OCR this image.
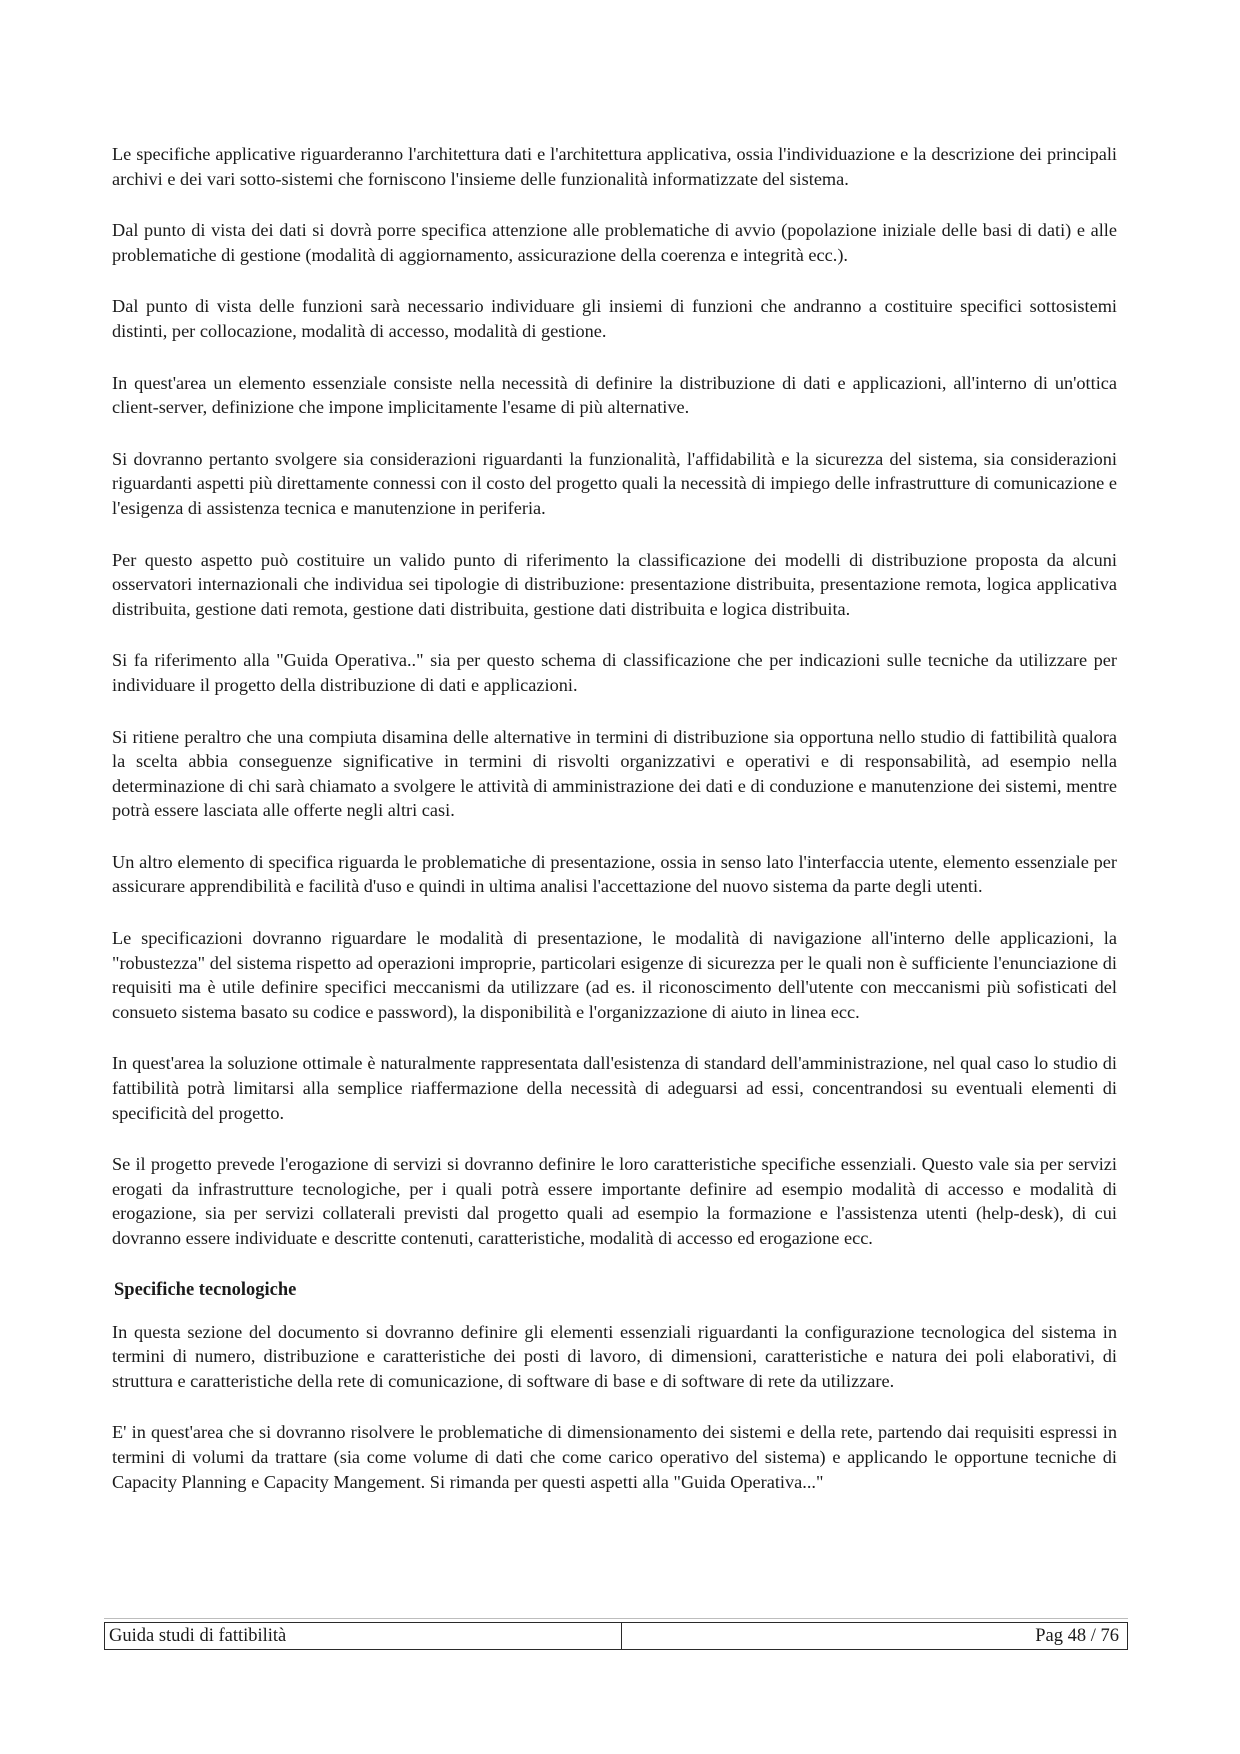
Le specifiche applicative riguarderanno l'architettura dati e l'architettura applicativa, ossia l'individuazione e la descrizione dei principali archivi e dei vari sotto-sistemi che forniscono l'insieme delle funzionalità informatizzate del sistema.

Dal punto di vista dei dati si dovrà porre specifica attenzione alle problematiche di avvio (popolazione iniziale delle basi di dati) e alle problematiche di gestione (modalità di aggiornamento, assicurazione della coerenza e integrità ecc.).

Dal punto di vista delle funzioni sarà necessario individuare gli insiemi di funzioni che andranno a costituire specifici sottosistemi distinti, per collocazione, modalità di accesso, modalità di gestione.

In quest'area un elemento essenziale consiste nella necessità di definire la distribuzione di dati e applicazioni, all'interno di un'ottica client-server, definizione che impone implicitamente l'esame di più alternative.

Si dovranno pertanto svolgere sia considerazioni riguardanti la funzionalità, l'affidabilità e la sicurezza del sistema, sia considerazioni riguardanti aspetti più direttamente connessi con il costo del progetto quali la necessità di impiego delle infrastrutture di comunicazione e l'esigenza di assistenza tecnica e manutenzione in periferia.

Per questo aspetto può costituire un valido punto di riferimento la classificazione dei modelli di distribuzione proposta da alcuni osservatori internazionali che individua sei tipologie di distribuzione: presentazione distribuita, presentazione remota, logica applicativa distribuita, gestione dati remota, gestione dati distribuita, gestione dati distribuita e logica distribuita.

Si fa riferimento alla "Guida Operativa.." sia per questo schema di classificazione che per indicazioni sulle tecniche da utilizzare per individuare il progetto della distribuzione di dati e applicazioni.

Si ritiene peraltro che una compiuta disamina delle alternative in termini di distribuzione sia opportuna nello studio di fattibilità qualora la scelta abbia conseguenze significative in termini di risvolti organizzativi e operativi e di responsabilità, ad esempio nella determinazione di chi sarà chiamato a svolgere le attività di amministrazione dei dati e di conduzione e manutenzione dei sistemi, mentre potrà essere lasciata alle offerte negli altri casi.

Un altro elemento di specifica riguarda le problematiche di presentazione, ossia in senso lato l'interfaccia utente, elemento essenziale per assicurare apprendibilità e facilità d'uso e quindi in ultima analisi l'accettazione del nuovo sistema da parte degli utenti.

Le specificazioni dovranno riguardare le modalità di presentazione, le modalità di navigazione all'interno delle applicazioni, la "robustezza" del sistema rispetto ad operazioni improprie, particolari esigenze di sicurezza per le quali non è sufficiente l'enunciazione di requisiti ma è utile definire specifici meccanismi da utilizzare (ad es. il riconoscimento dell'utente con meccanismi più sofisticati del consueto sistema basato su codice e password), la disponibilità e l'organizzazione di aiuto in linea ecc.

In quest'area la soluzione ottimale è naturalmente rappresentata dall'esistenza di standard dell'amministrazione, nel qual caso lo studio di fattibilità potrà limitarsi alla semplice riaffermazione della necessità di adeguarsi ad essi, concentrandosi su eventuali elementi di specificità del progetto.

Se il progetto prevede l'erogazione di servizi si dovranno definire le loro caratteristiche specifiche essenziali. Questo vale sia per servizi erogati da infrastrutture tecnologiche, per i quali potrà essere importante definire ad esempio modalità di accesso e modalità di erogazione, sia per servizi collaterali previsti dal progetto quali ad esempio la formazione e l'assistenza utenti (help-desk), di cui dovranno essere individuate e descritte contenuti, caratteristiche, modalità di accesso ed erogazione ecc.

Specifiche tecnologiche

In questa sezione del documento si dovranno definire gli elementi essenziali riguardanti la configurazione tecnologica del sistema in termini di numero, distribuzione e caratteristiche dei posti di lavoro, di dimensioni, caratteristiche e natura dei poli elaborativi, di struttura e caratteristiche della rete di comunicazione, di software di base e di software di rete da utilizzare.

E' in quest'area che si dovranno risolvere le problematiche di dimensionamento dei sistemi e della rete, partendo dai requisiti espressi in termini di volumi da trattare (sia come volume di dati che come carico operativo del sistema) e applicando le opportune tecniche di Capacity Planning e Capacity Mangement. Si rimanda per questi aspetti alla "Guida Operativa..."

Guida studi di fattibilità	Pag 48 / 76
